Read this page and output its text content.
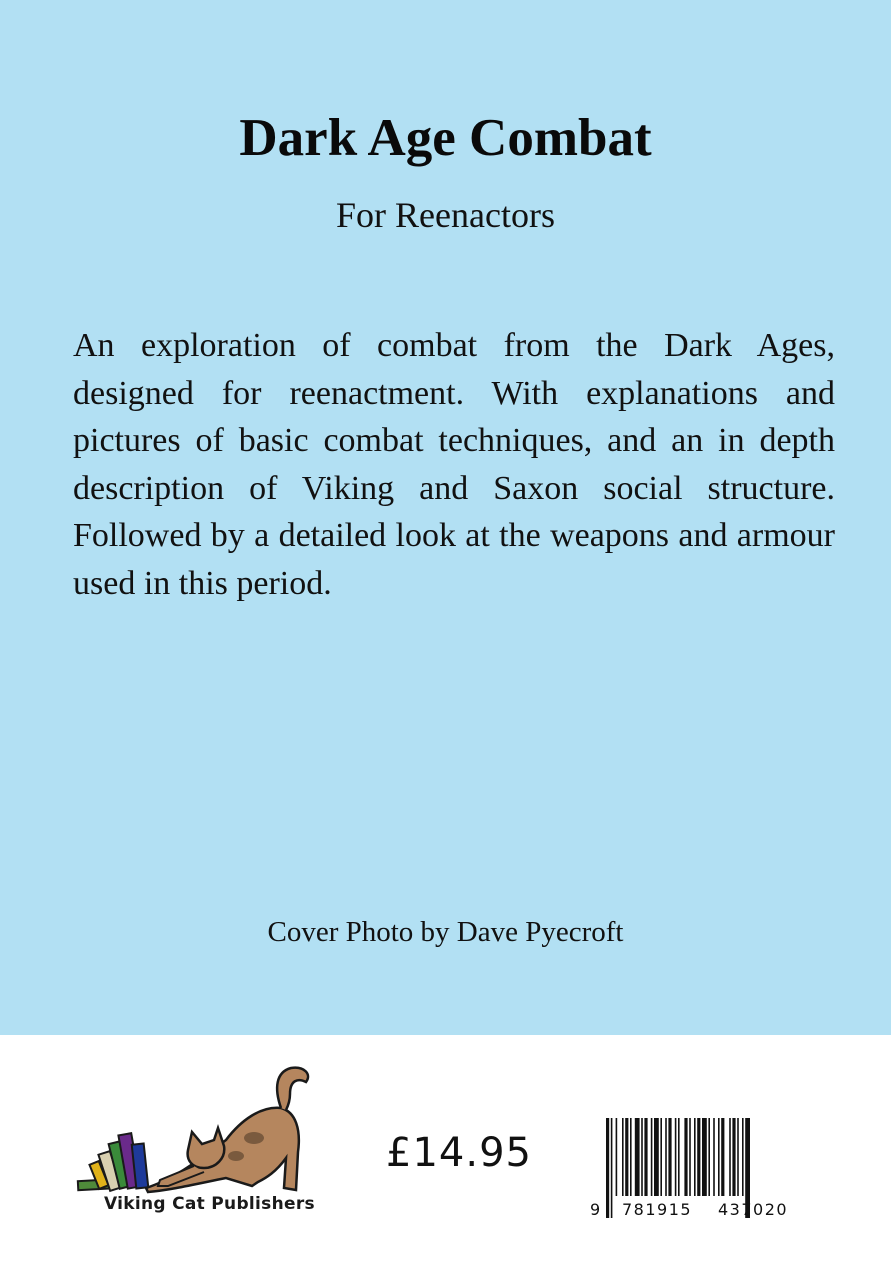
Dark Age Combat
For Reenactors
An exploration of combat from the Dark Ages, designed for reenactment. With explanations and pictures of basic combat techniques, and an in depth description of Viking and Saxon social structure. Followed by a detailed look at the weapons and armour used in this period.
Cover Photo by Dave Pyecroft
Viking Cat Publishers
£14.95
9 781915 437020
